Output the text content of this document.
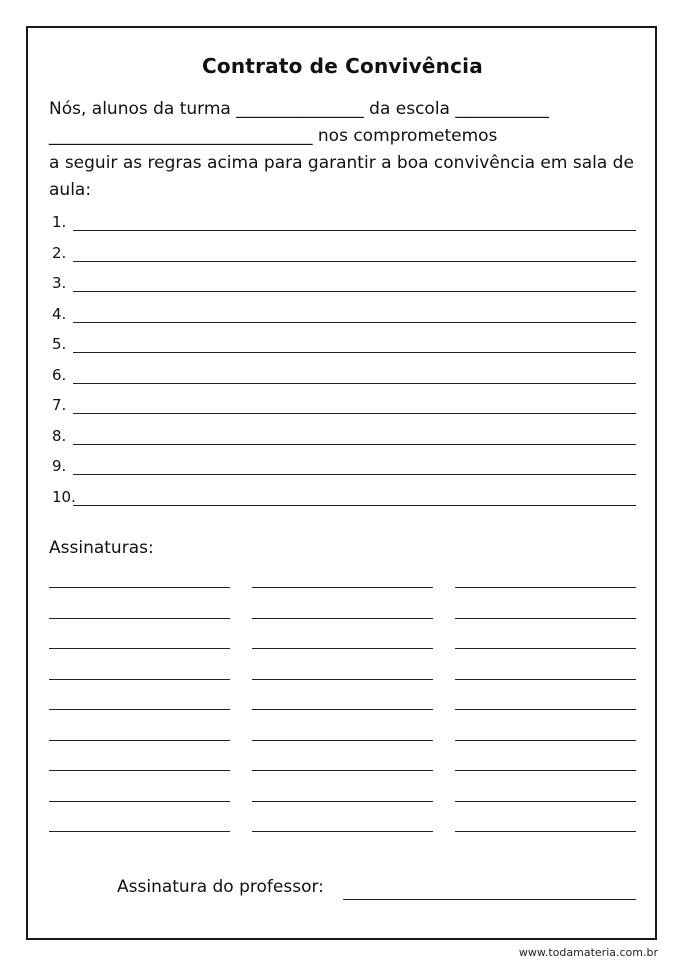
Contrato de Convivência

Nós, alunos da turma _______________ da escola ___________

_______________________________ nos comprometemos

a seguir as regras acima para garantir a boa convivência em sala de aula:

1.
2.
3.
4.
5.
6.
7.
8.
9.
10.
Assinaturas:
Assinatura do professor:
www.todamateria.com.br
